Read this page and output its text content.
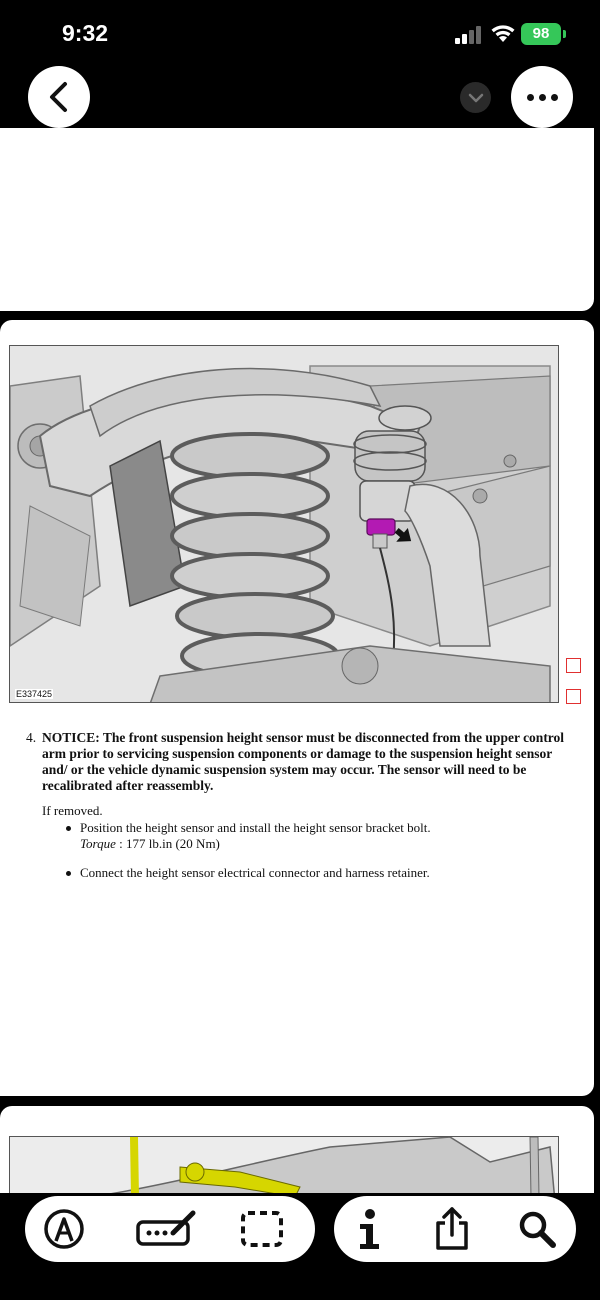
9:32	98
E337425
4. NOTICE: The front suspension height sensor must be disconnected from the upper control arm prior to servicing suspension components or damage to the suspension height sensor and/ or the vehicle dynamic suspension system may occur. The sensor will need to be recalibrated after reassembly.
If removed.
Position the height sensor and install the height sensor bracket bolt.
Torque : 177 lb.in (20 Nm)
Connect the height sensor electrical connector and harness retainer.
